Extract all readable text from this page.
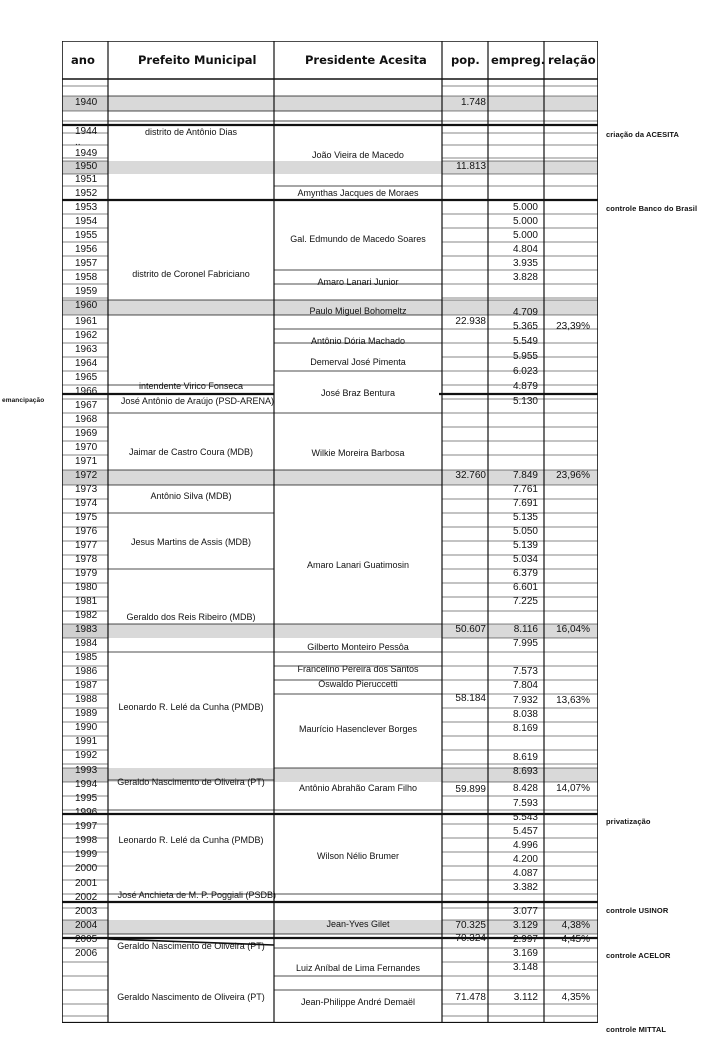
ano	Prefeito Municipal	Presidente Acesita pop. empreg. relação
1940
1944
..
1949
1950
1951
1952
1953
1954
1955
1956
1957
1958
1959
1960
1961
1962
1963
1964
1965
1966
1967
1968
1969
1970
1971
1972
1973
1974
1975
1976
1977
1978
1979
1980
1981
1982
1983
1984
1985
1986
1987
1988
1989
1990
1991
1992
1993
1994
1995
1996
1997
1998
1999
2000
2001
2002
2003
2004
2005
2006
distrito de Antônio Dias
distrito de Coronel Fabriciano
intendente Virico Fonseca
José Antônio de Araújo (PSD-ARENA)
Jaimar de Castro Coura (MDB)
Antônio Silva (MDB)
Jesus Martins de Assis (MDB)
Geraldo dos Reis Ribeiro (MDB)
Leonardo R. Lelé da Cunha (PMDB)
Geraldo Nascimento de Oliveira (PT)
Leonardo R. Lelé da Cunha (PMDB)
José Anchieta de M. P. Poggiali (PSDB)
Geraldo Nascimento de Oliveira (PT)
Geraldo Nascimento de Oliveira (PT)
João Vieira de Macedo
Amynthas Jacques de Moraes
Gal. Edmundo de Macedo Soares
Amaro Lanari Junior
Paulo Miguel Bohomeltz
Antônio Dória Machado
Demerval José Pimenta
José Braz Bentura
Wilkie Moreira Barbosa
Amaro Lanari Guatimosin
Gilberto Monteiro Pessôa
Francelino Pereira dos Santos
Oswaldo Pieruccetti
Maurício Hasenclever Borges
Antônio Abrahão Caram Filho
Wilson Nélio Brumer
Jean-Yves Gilet
Luiz Aníbal de Lima Fernandes
Jean-Philippe André Demaël
1.748
11.813
22.938
32.760
50.607
58.184
59.899
70.325
70.324
71.478
5.000
5.000
5.000
4.804
3.935
3.828
4.709
5.365
5.549
5.955
6.023
4.879
5.130
7.849
7.761
7.691
5.135
5.050
5.139
5.034
6.379
6.601
7.225
8.116
7.995
7.573
7.804
7.932
8.038
8.169
8.619
8.693
8.428
7.593
5.543
5.457
4.996
4.200
4.087
3.382
3.077
3.129
2.997
3.169
3.148
3.112
23,39%
23,96%
16,04%
13,63%
14,07%
4,38%
4,45%
4,35%
criação da ACESITA
controle Banco do Brasil
emancipação
privatização
controle USINOR
controle ACELOR
controle MITTAL
